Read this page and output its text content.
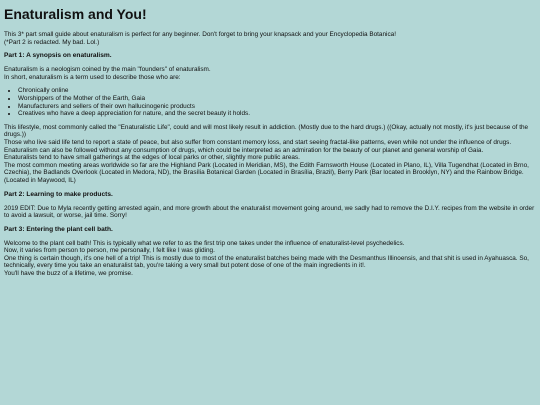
Enaturalism and You!

This 3* part small guide about enaturalism is perfect for any beginner. Don't forget to bring your knapsack and your Encyclopedia Botanica!
(*Part 2 is redacted. My bad. Lol.)

Part 1: A synopsis on enaturalism.

Enaturalism is a neologism coined by the main "founders" of enaturalism.
In short, enaturalism is a term used to describe those who are:

• Chronically online
• Worshippers of the Mother of the Earth, Gaia
• Manufacturers and sellers of their own hallucinogenic products
• Creatives who have a deep appreciation for nature, and the secret beauty it holds.

This lifestyle, most commonly called the "Enaturalistic Life", could and will most likely result in addiction. (Mostly due to the hard drugs.) ((Okay, actually not mostly, it's just because of the drugs.))
Those who live said life tend to report a state of peace, but also suffer from constant memory loss, and start seeing fractal-like patterns, even while not under the influence of drugs.
Enaturalism can also be followed without any consumption of drugs, which could be interpreted as an admiration for the beauty of our planet and general worship of Gaia.
Enaturalists tend to have small gatherings at the edges of local parks or other, slightly more public areas.
The most common meeting areas worldwide so far are the Highland Park (Located in Meridian, MS), the Edith Farnsworth House (Located in Plano, IL), Villa Tugendhat (Located in Brno, Czechia), the Badlands Overlook (Located in Medora, ND), the Brasília Botanical Garden (Located in Brasília, Brazil), Berry Park (Bar located in Brooklyn, NY) and the Rainbow Bridge. (Located in Maywood, IL)

Part 2: Learning to make products.

2019 EDIT: Due to Myla recently getting arrested again, and more growth about the enaturalist movement going around, we sadly had to remove the D.I.Y. recipes from the website in order to avoid a lawsuit, or worse, jail time. Sorry!

Part 3: Entering the plant cell bath.

Welcome to the plant cell bath! This is typically what we refer to as the first trip one takes under the influence of enaturalist-level psychedelics.
Now, it varies from person to person, me personally, I felt like I was gliding.
One thing is certain though, it's one hell of a trip! This is mostly due to most of the enaturalist batches being made with the Desmanthus Illinoensis, and that shit is used in Ayahuasca. So, technically, every time you take an enaturalist tab, you're taking a very small but potent dose of one of the main ingredients in it!.
You'll have the buzz of a lifetime, we promise.
